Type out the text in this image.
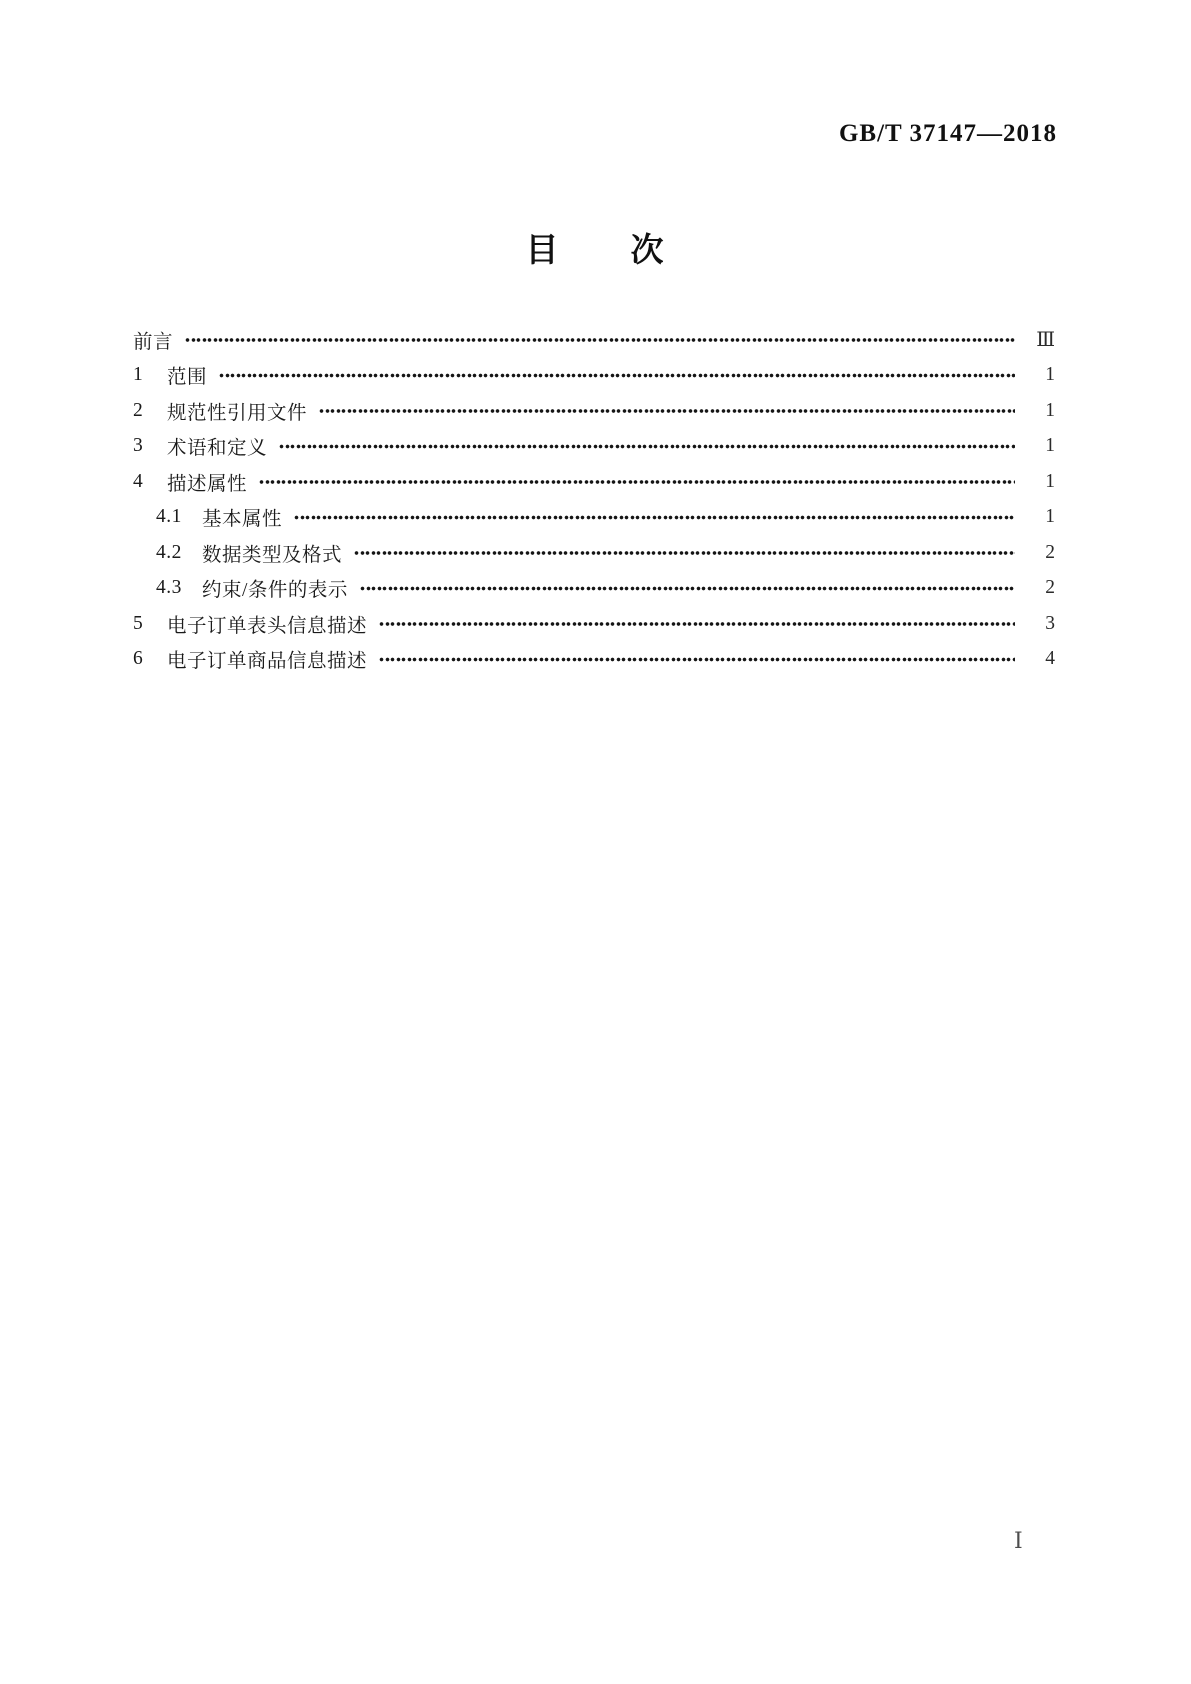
GB/T 37147—2018
目　　次
前言	Ⅲ
1	范围	1
2	规范性引用文件	1
3	术语和定义	1
4	描述属性	1
4.1	基本属性	1
4.2	数据类型及格式	2
4.3	约束/条件的表示	2
5	电子订单表头信息描述	3
6	电子订单商品信息描述	4
Ⅰ
